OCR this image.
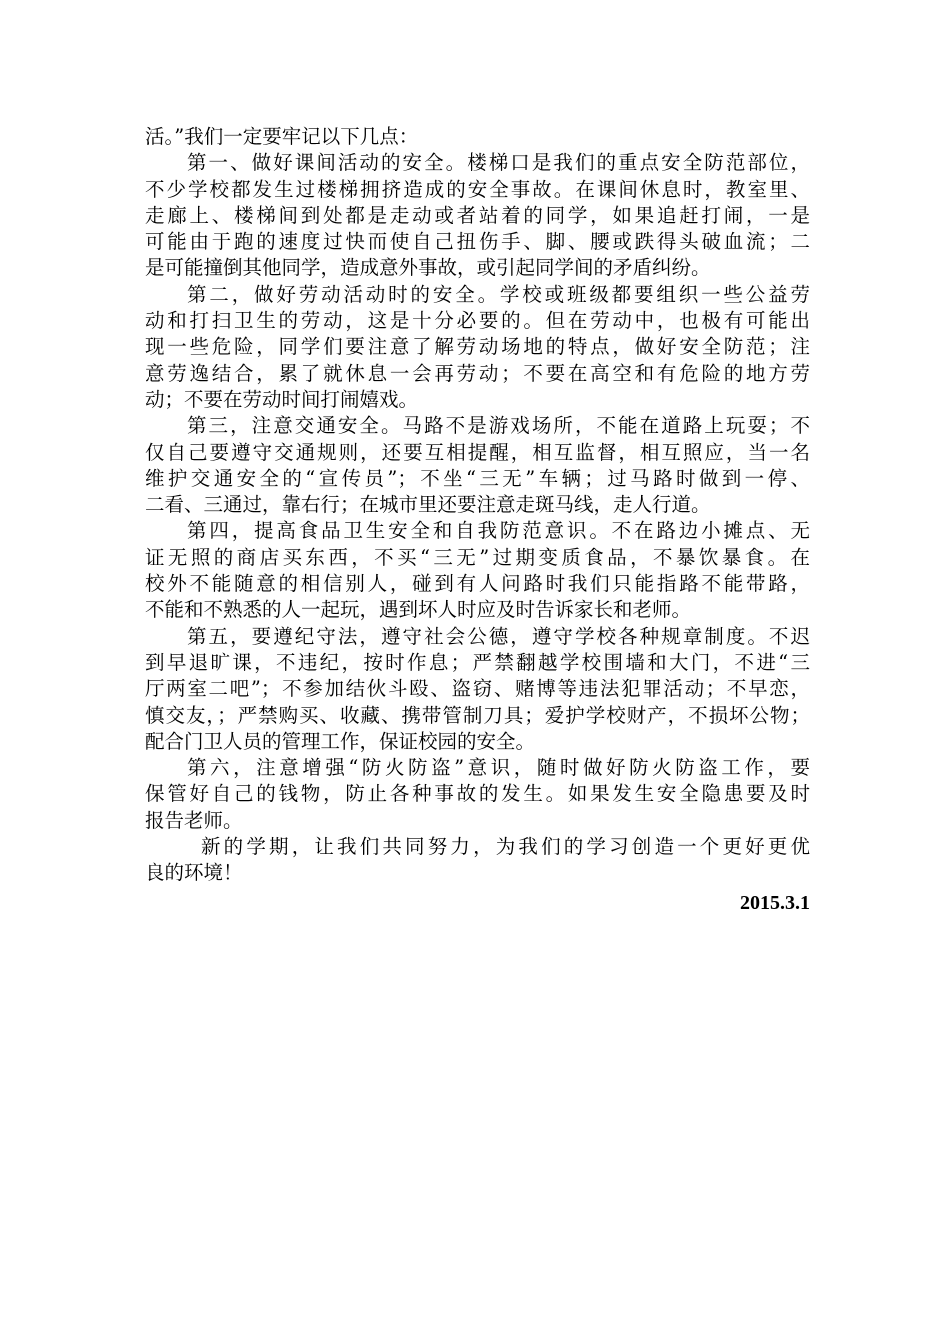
活。”我们一定要牢记以下几点：
第一、做好课间活动的安全。楼梯口是我们的重点安全防范部位，
不少学校都发生过楼梯拥挤造成的安全事故。在课间休息时，教室里、
走廊上、楼梯间到处都是走动或者站着的同学，如果追赶打闹，一是
可能由于跑的速度过快而使自己扭伤手、脚、腰或跌得头破血流；二
是可能撞倒其他同学，造成意外事故，或引起同学间的矛盾纠纷。
第二，做好劳动活动时的安全。学校或班级都要组织一些公益劳
动和打扫卫生的劳动，这是十分必要的。但在劳动中，也极有可能出
现一些危险，同学们要注意了解劳动场地的特点，做好安全防范；注
意劳逸结合，累了就休息一会再劳动；不要在高空和有危险的地方劳
动；不要在劳动时间打闹嬉戏。
第三，注意交通安全。马路不是游戏场所，不能在道路上玩耍；不
仅自己要遵守交通规则，还要互相提醒，相互监督，相互照应，当一名
维护交通安全的“宣传员”；不坐“三无”车辆；过马路时做到一停、
二看、三通过，靠右行；在城市里还要注意走斑马线，走人行道。
第四，提高食品卫生安全和自我防范意识。不在路边小摊点、无
证无照的商店买东西，不买“三无”过期变质食品，不暴饮暴食。在
校外不能随意的相信别人，碰到有人问路时我们只能指路不能带路，
不能和不熟悉的人一起玩，遇到坏人时应及时告诉家长和老师。
第五，要遵纪守法，遵守社会公德，遵守学校各种规章制度。不迟
到早退旷课，不违纪，按时作息；严禁翻越学校围墙和大门，不进“三
厅两室二吧”；不参加结伙斗殴、盗窃、赌博等违法犯罪活动；不早恋，
慎交友，；严禁购买、收藏、携带管制刀具；爱护学校财产，不损坏公物；
配合门卫人员的管理工作，保证校园的安全。
第六，注意增强“防火防盗”意识，随时做好防火防盗工作，要
保管好自己的钱物，防止各种事故的发生。如果发生安全隐患要及时
报告老师。
新的学期，让我们共同努力，为我们的学习创造一个更好更优
良的环境！
2015.3.1
